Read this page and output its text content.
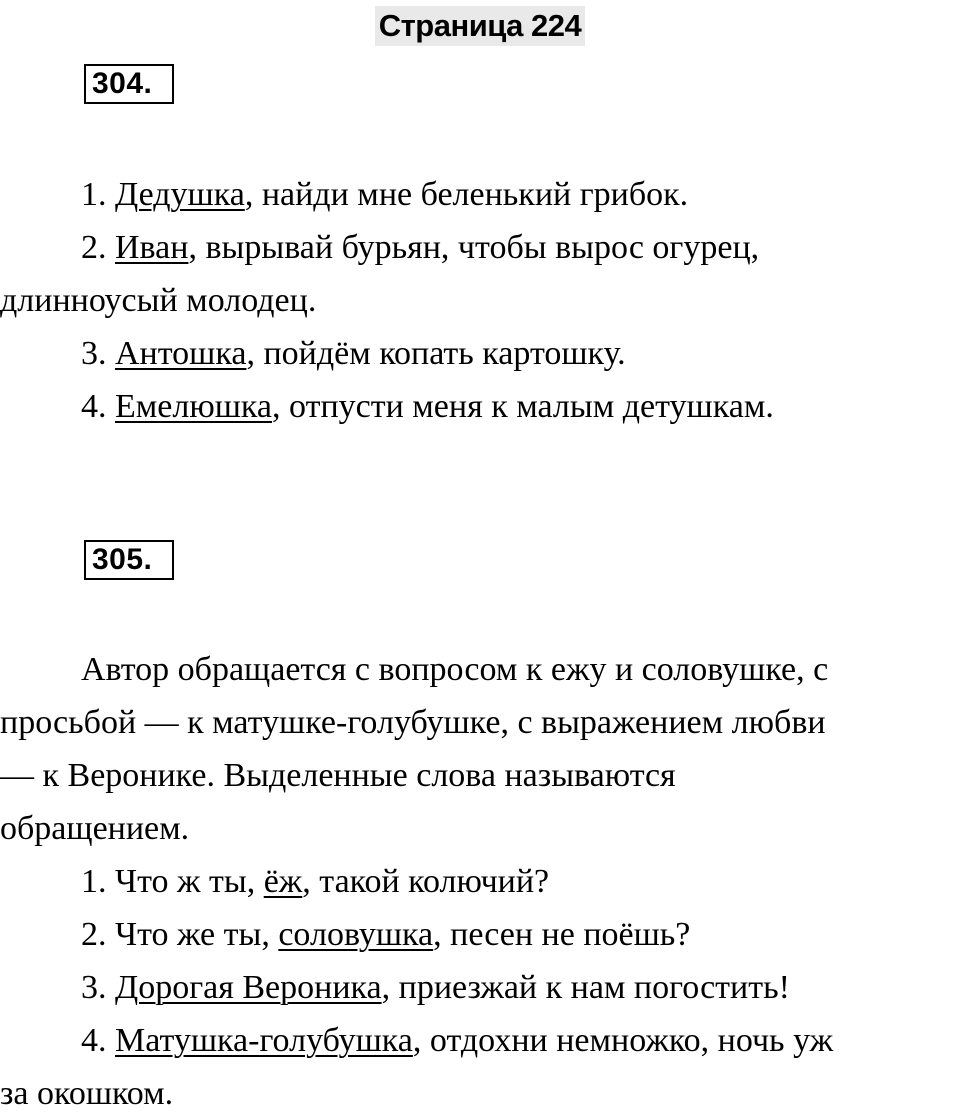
Страница 224
304.
1. Дедушка, найди мне беленький грибок.
2. Иван, вырывай бурьян, чтобы вырос огурец,
длинноусый молодец.
3. Антошка, пойдём копать картошку.
4. Емелюшка, отпусти меня к малым детушкам.
305.
Автор обращается с вопросом к ежу и соловушке, с
просьбой — к матушке-голубушке, с выражением любви
— к Веронике. Выделенные слова называются
обращением.
1. Что ж ты, ёж, такой колючий?
2. Что же ты, соловушка, песен не поёшь?
3. Дорогая Вероника, приезжай к нам погостить!
4. Матушка-голубушка, отдохни немножко, ночь уж
за окошком.
